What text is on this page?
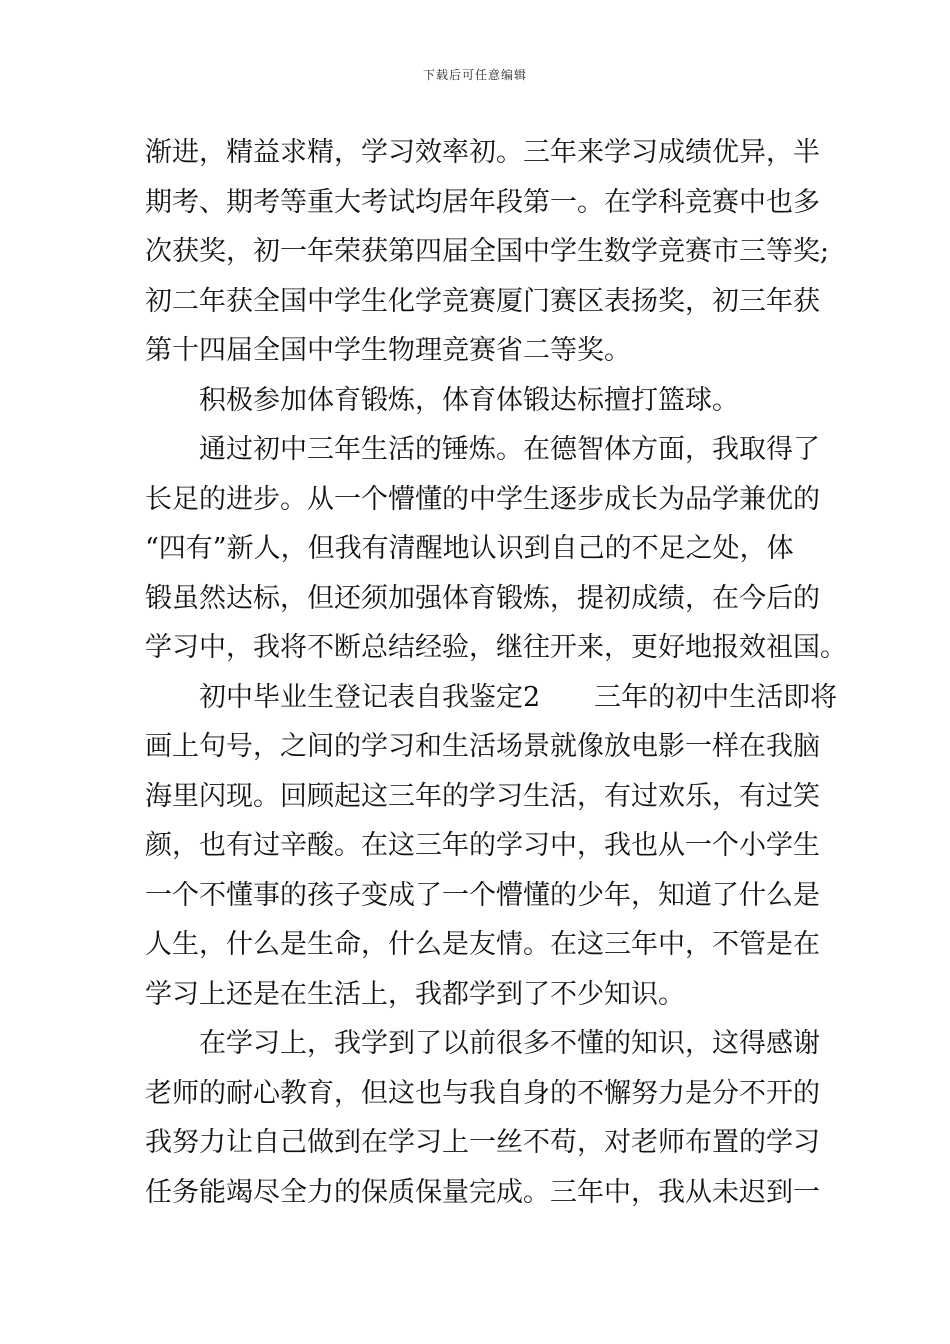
下载后可任意编辑
渐进，精益求精，学习效率初。三年来学习成绩优异，半
期考、期考等重大考试均居年段第一。在学科竞赛中也多
次获奖，初一年荣获第四届全国中学生数学竞赛市三等奖;
初二年获全国中学生化学竞赛厦门赛区表扬奖，初三年获
第十四届全国中学生物理竞赛省二等奖。
积极参加体育锻炼，体育体锻达标擅打篮球。
通过初中三年生活的锤炼。在德智体方面，我取得了
长足的进步。从一个懵懂的中学生逐步成长为品学兼优的
“四有”新人，但我有清醒地认识到自己的不足之处，体
锻虽然达标，但还须加强体育锻炼，提初成绩，在今后的
学习中，我将不断总结经验，继往开来，更好地报效祖国。
初中毕业生登记表自我鉴定2　　三年的初中生活即将
画上句号，之间的学习和生活场景就像放电影一样在我脑
海里闪现。回顾起这三年的学习生活，有过欢乐，有过笑
颜，也有过辛酸。在这三年的学习中，我也从一个小学生
一个不懂事的孩子变成了一个懵懂的少年，知道了什么是
人生，什么是生命，什么是友情。在这三年中，不管是在
学习上还是在生活上，我都学到了不少知识。
在学习上，我学到了以前很多不懂的知识，这得感谢
老师的耐心教育，但这也与我自身的不懈努力是分不开的
我努力让自己做到在学习上一丝不苟，对老师布置的学习
任务能竭尽全力的保质保量完成。三年中，我从未迟到一
